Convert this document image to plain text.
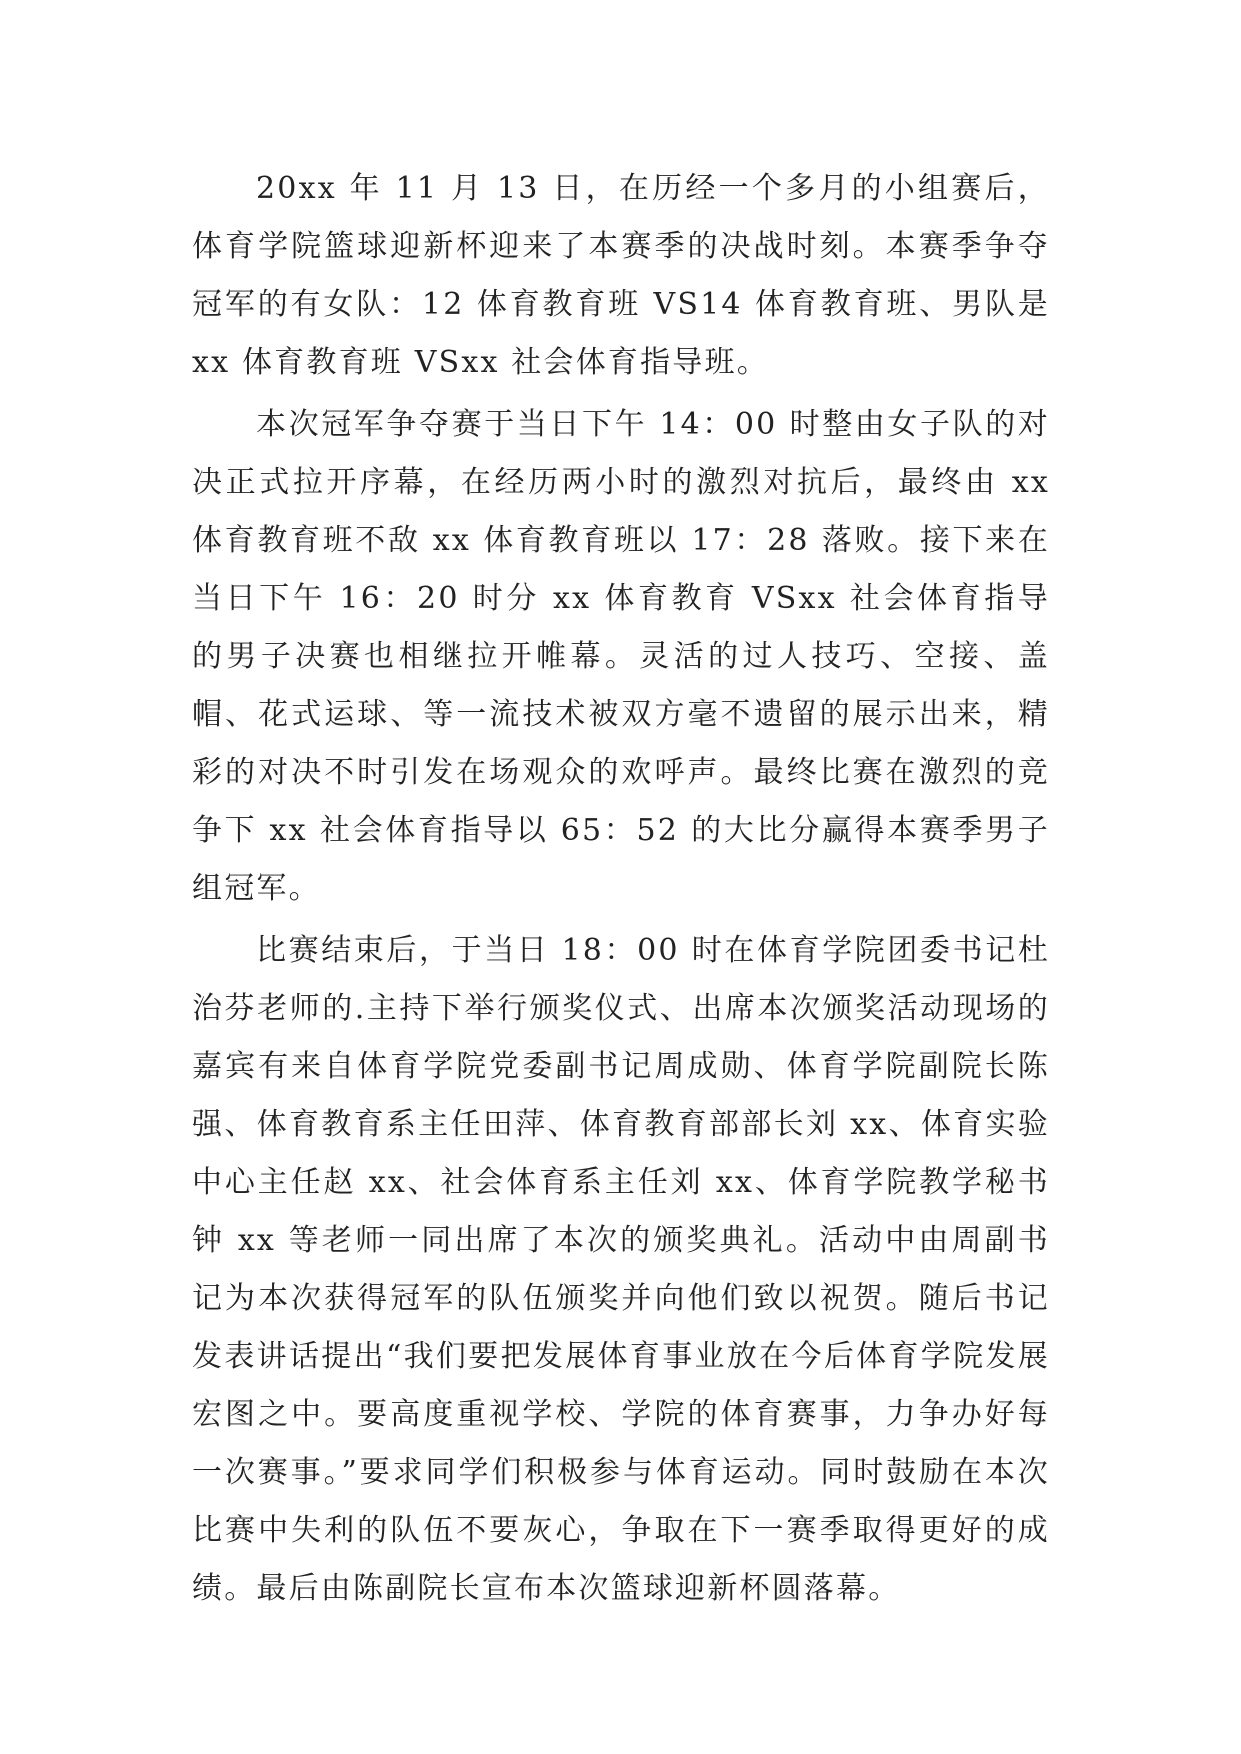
20xx 年 11 月 13 日，在历经一个多月的小组赛后，体育学院篮球迎新杯迎来了本赛季的决战时刻。本赛季争夺冠军的有女队：12 体育教育班 VS14 体育教育班、男队是 xx 体育教育班 VSxx 社会体育指导班。

本次冠军争夺赛于当日下午 14：00 时整由女子队的对决正式拉开序幕，在经历两小时的激烈对抗后，最终由 xx 体育教育班不敌 xx 体育教育班以 17：28 落败。接下来在当日下午 16：20 时分 xx 体育教育 VSxx 社会体育指导的男子决赛也相继拉开帷幕。灵活的过人技巧、空接、盖帽、花式运球、等一流技术被双方毫不遗留的展示出来，精彩的对决不时引发在场观众的欢呼声。最终比赛在激烈的竞争下 xx 社会体育指导以 65：52 的大比分赢得本赛季男子组冠军。

比赛结束后，于当日 18：00 时在体育学院团委书记杜治芬老师的.主持下举行颁奖仪式、出席本次颁奖活动现场的嘉宾有来自体育学院党委副书记周成勋、体育学院副院长陈强、体育教育系主任田萍、体育教育部部长刘 xx、体育实验中心主任赵 xx、社会体育系主任刘 xx、体育学院教学秘书钟 xx 等老师一同出席了本次的颁奖典礼。活动中由周副书记为本次获得冠军的队伍颁奖并向他们致以祝贺。随后书记发表讲话提出“我们要把发展体育事业放在今后体育学院发展宏图之中。要高度重视学校、学院的体育赛事，力争办好每一次赛事。”要求同学们积极参与体育运动。同时鼓励在本次比赛中失利的队伍不要灰心，争取在下一赛季取得更好的成绩。最后由陈副院长宣布本次篮球迎新杯圆落幕。
